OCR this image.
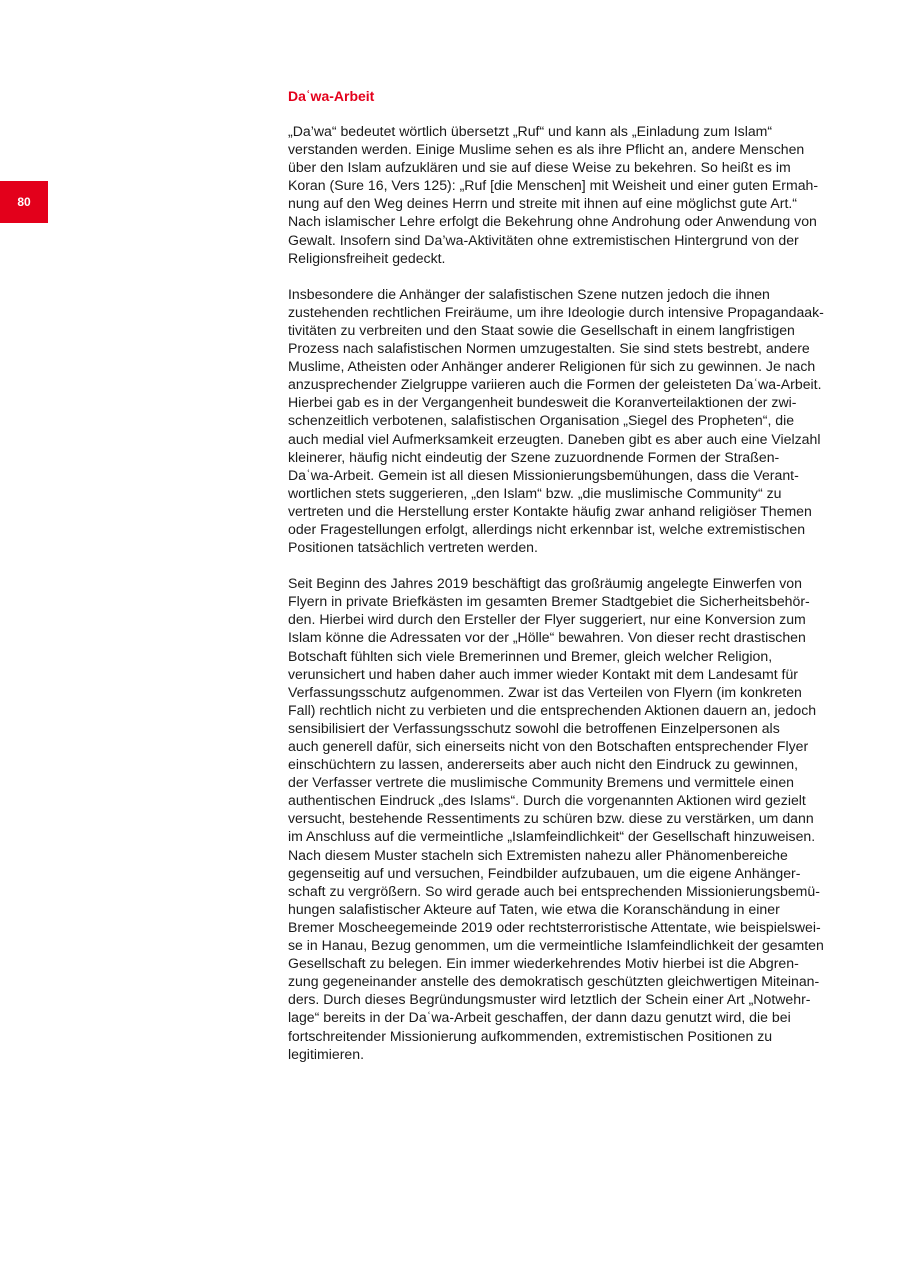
80
Daʿwa-Arbeit

„Da’wa“ bedeutet wörtlich übersetzt „Ruf“ und kann als „Einladung zum Islam“
verstanden werden. Einige Muslime sehen es als ihre Pflicht an, andere Menschen
über den Islam aufzuklären und sie auf diese Weise zu bekehren. So heißt es im
Koran (Sure 16, Vers 125): „Ruf [die Menschen] mit Weisheit und einer guten Ermah-
nung auf den Weg deines Herrn und streite mit ihnen auf eine möglichst gute Art.“
Nach islamischer Lehre erfolgt die Bekehrung ohne Androhung oder Anwendung von
Gewalt. Insofern sind Da’wa-Aktivitäten ohne extremistischen Hintergrund von der
Religionsfreiheit gedeckt.

Insbesondere die Anhänger der salafistischen Szene nutzen jedoch die ihnen
zustehenden rechtlichen Freiräume, um ihre Ideologie durch intensive Propagandaak-
tivitäten zu verbreiten und den Staat sowie die Gesellschaft in einem langfristigen
Prozess nach salafistischen Normen umzugestalten. Sie sind stets bestrebt, andere
Muslime, Atheisten oder Anhänger anderer Religionen für sich zu gewinnen. Je nach
anzusprechender Zielgruppe variieren auch die Formen der geleisteten Daʿwa-Arbeit.
Hierbei gab es in der Vergangenheit bundesweit die Koranverteilaktionen der zwi-
schenzeitlich verbotenen, salafistischen Organisation „Siegel des Propheten“, die
auch medial viel Aufmerksamkeit erzeugten. Daneben gibt es aber auch eine Vielzahl
kleinerer, häufig nicht eindeutig der Szene zuzuordnende Formen der Straßen-
Daʿwa-Arbeit. Gemein ist all diesen Missionierungsbemühungen, dass die Verant-
wortlichen stets suggerieren, „den Islam“ bzw. „die muslimische Community“ zu
vertreten und die Herstellung erster Kontakte häufig zwar anhand religiöser Themen
oder Fragestellungen erfolgt, allerdings nicht erkennbar ist, welche extremistischen
Positionen tatsächlich vertreten werden.

Seit Beginn des Jahres 2019 beschäftigt das großräumig angelegte Einwerfen von
Flyern in private Briefkästen im gesamten Bremer Stadtgebiet die Sicherheitsbehör-
den. Hierbei wird durch den Ersteller der Flyer suggeriert, nur eine Konversion zum
Islam könne die Adressaten vor der „Hölle“ bewahren. Von dieser recht drastischen
Botschaft fühlten sich viele Bremerinnen und Bremer, gleich welcher Religion,
verunsichert und haben daher auch immer wieder Kontakt mit dem Landesamt für
Verfassungsschutz aufgenommen. Zwar ist das Verteilen von Flyern (im konkreten
Fall) rechtlich nicht zu verbieten und die entsprechenden Aktionen dauern an, jedoch
sensibilisiert der Verfassungsschutz sowohl die betroffenen Einzelpersonen als
auch generell dafür, sich einerseits nicht von den Botschaften entsprechender Flyer
einschüchtern zu lassen, andererseits aber auch nicht den Eindruck zu gewinnen,
der Verfasser vertrete die muslimische Community Bremens und vermittele einen
authentischen Eindruck „des Islams“. Durch die vorgenannten Aktionen wird gezielt
versucht, bestehende Ressentiments zu schüren bzw. diese zu verstärken, um dann
im Anschluss auf die vermeintliche „Islamfeindlichkeit“ der Gesellschaft hinzuweisen.
Nach diesem Muster stacheln sich Extremisten nahezu aller Phänomenbereiche
gegenseitig auf und versuchen, Feindbilder aufzubauen, um die eigene Anhänger-
schaft zu vergrößern. So wird gerade auch bei entsprechenden Missionierungsbemü-
hungen salafistischer Akteure auf Taten, wie etwa die Koranschändung in einer
Bremer Moscheegemeinde 2019 oder rechtsterroristische Attentate, wie beispielswei-
se in Hanau, Bezug genommen, um die vermeintliche Islamfeindlichkeit der gesamten
Gesellschaft zu belegen. Ein immer wiederkehrendes Motiv hierbei ist die Abgren-
zung gegeneinander anstelle des demokratisch geschützten gleichwertigen Miteinan-
ders. Durch dieses Begründungsmuster wird letztlich der Schein einer Art „Notwehr-
lage“ bereits in der Daʿwa-Arbeit geschaffen, der dann dazu genutzt wird, die bei
fortschreitender Missionierung aufkommenden, extremistischen Positionen zu
legitimieren.
